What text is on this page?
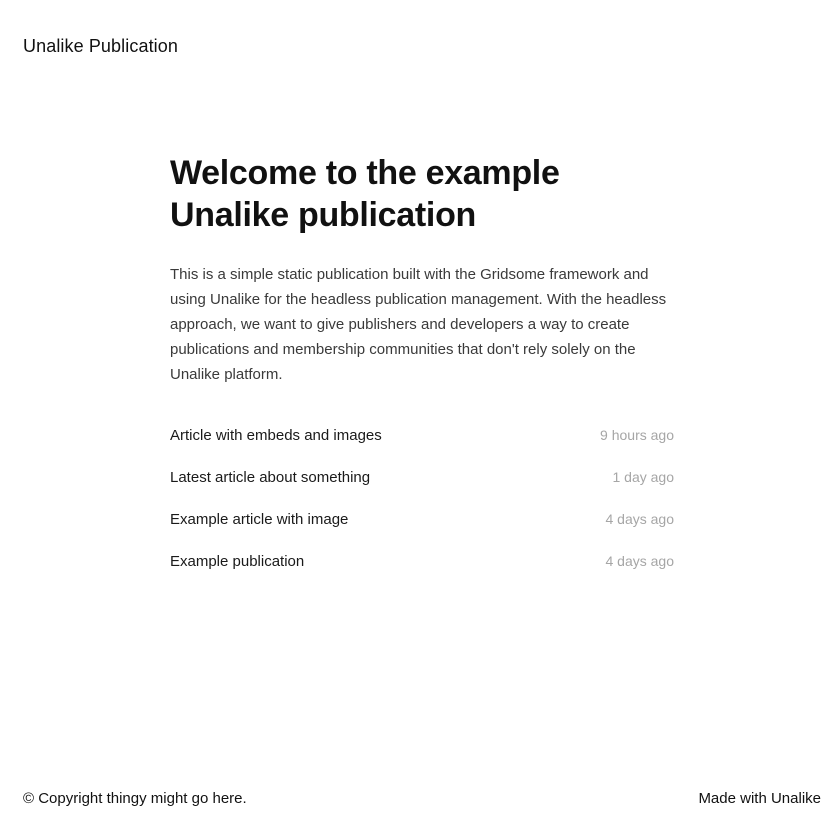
Unalike Publication
Welcome to the example Unalike publication

This is a simple static publication built with the Gridsome framework and using Unalike for the headless publication management. With the headless approach, we want to give publishers and developers a way to create publications and membership communities that don't rely solely on the Unalike platform.

Article with embeds and images	9 hours ago
Latest article about something	1 day ago
Example article with image	4 days ago
Example publication	4 days ago
© Copyright thingy might go here.	Made with Unalike
